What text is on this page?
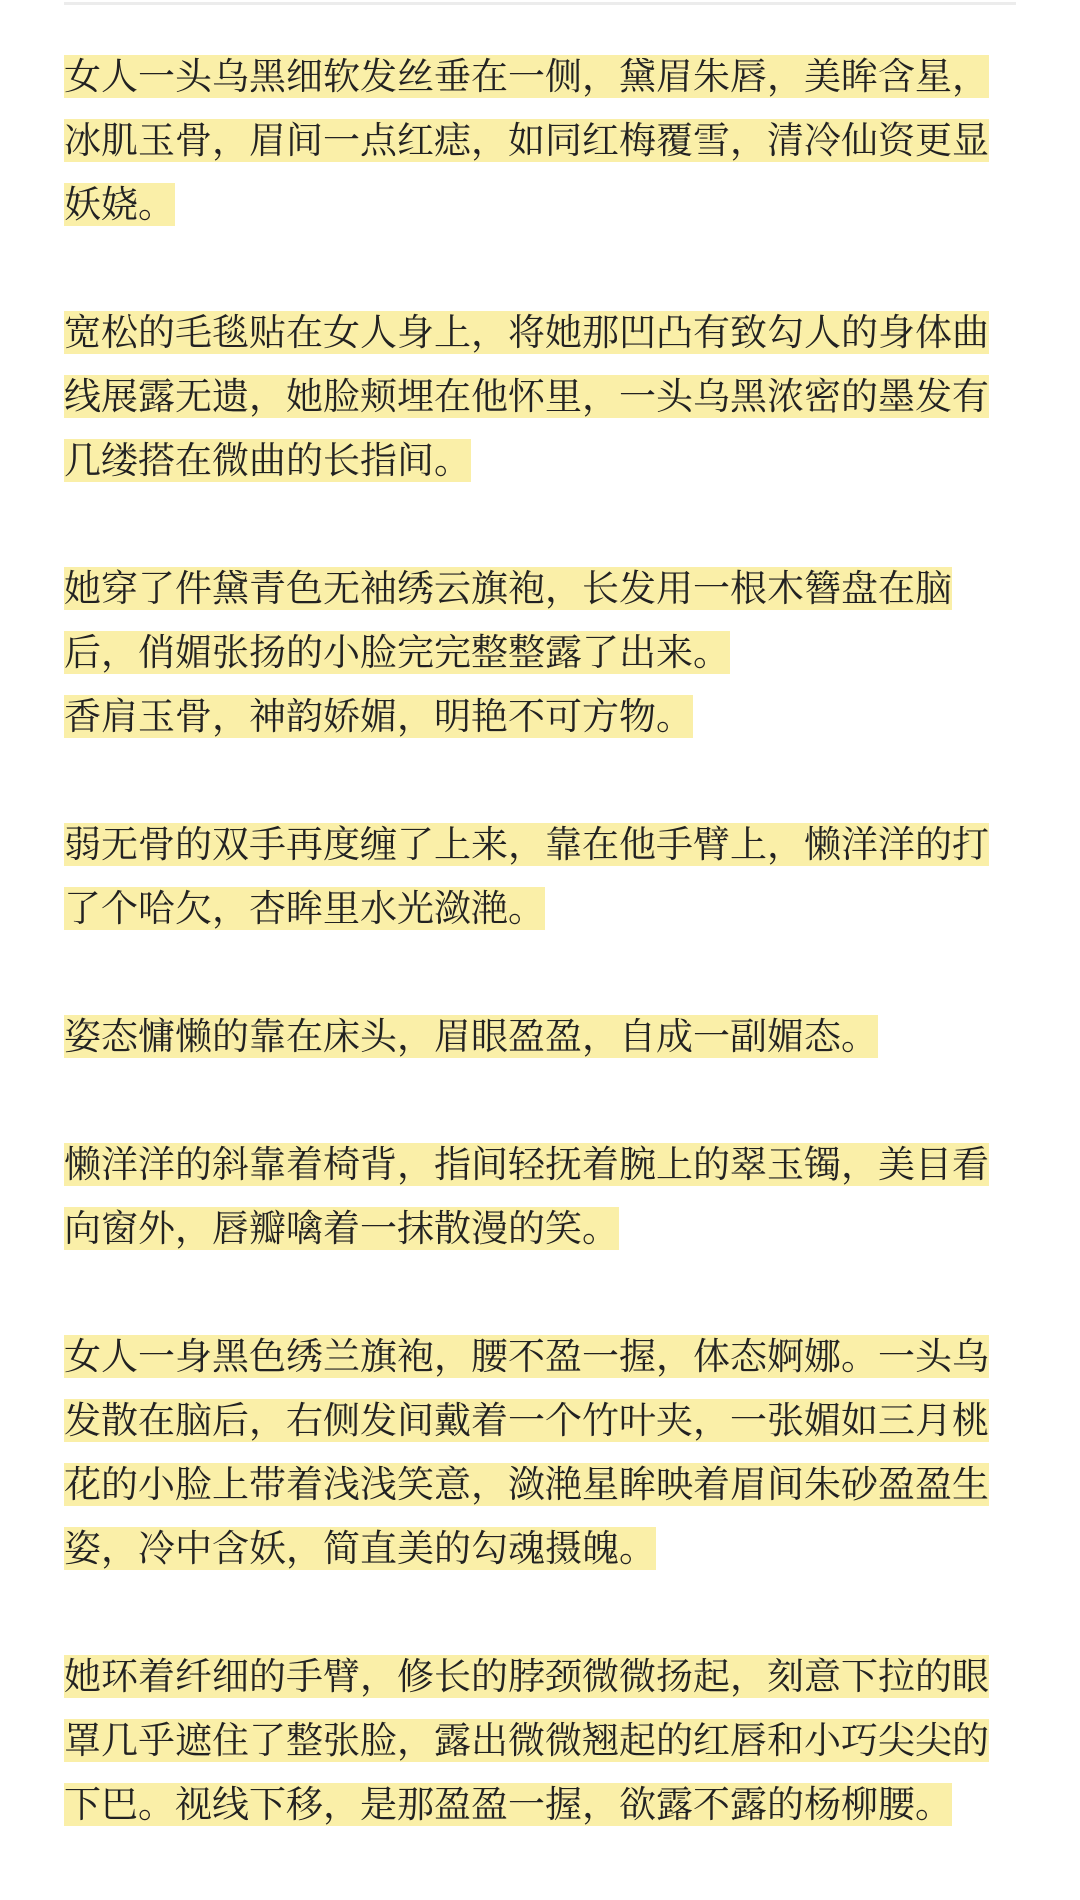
女人一头乌黑细软发丝垂在一侧，黛眉朱唇，美眸含星，冰肌玉骨，眉间一点红痣，如同红梅覆雪，清冷仙资更显妖娆。

宽松的毛毯贴在女人身上，将她那凹凸有致勾人的身体曲线展露无遗，她脸颊埋在他怀里，一头乌黑浓密的墨发有几缕搭在微曲的长指间。

她穿了件黛青色无袖绣云旗袍，长发用一根木簪盘在脑后，俏媚张扬的小脸完完整整露了出来。
香肩玉骨，神韵娇媚，明艳不可方物。

弱无骨的双手再度缠了上来，靠在他手臂上，懒洋洋的打了个哈欠，杏眸里水光潋滟。

姿态慵懒的靠在床头，眉眼盈盈，自成一副媚态。

懒洋洋的斜靠着椅背，指间轻抚着腕上的翠玉镯，美目看向窗外，唇瓣噙着一抹散漫的笑。

女人一身黑色绣兰旗袍，腰不盈一握，体态婀娜。一头乌发散在脑后，右侧发间戴着一个竹叶夹，一张媚如三月桃花的小脸上带着浅浅笑意，潋滟星眸映着眉间朱砂盈盈生姿，冷中含妖，简直美的勾魂摄魄。

她环着纤细的手臂，修长的脖颈微微扬起，刻意下拉的眼罩几乎遮住了整张脸，露出微微翘起的红唇和小巧尖尖的下巴。视线下移，是那盈盈一握，欲露不露的杨柳腰。
